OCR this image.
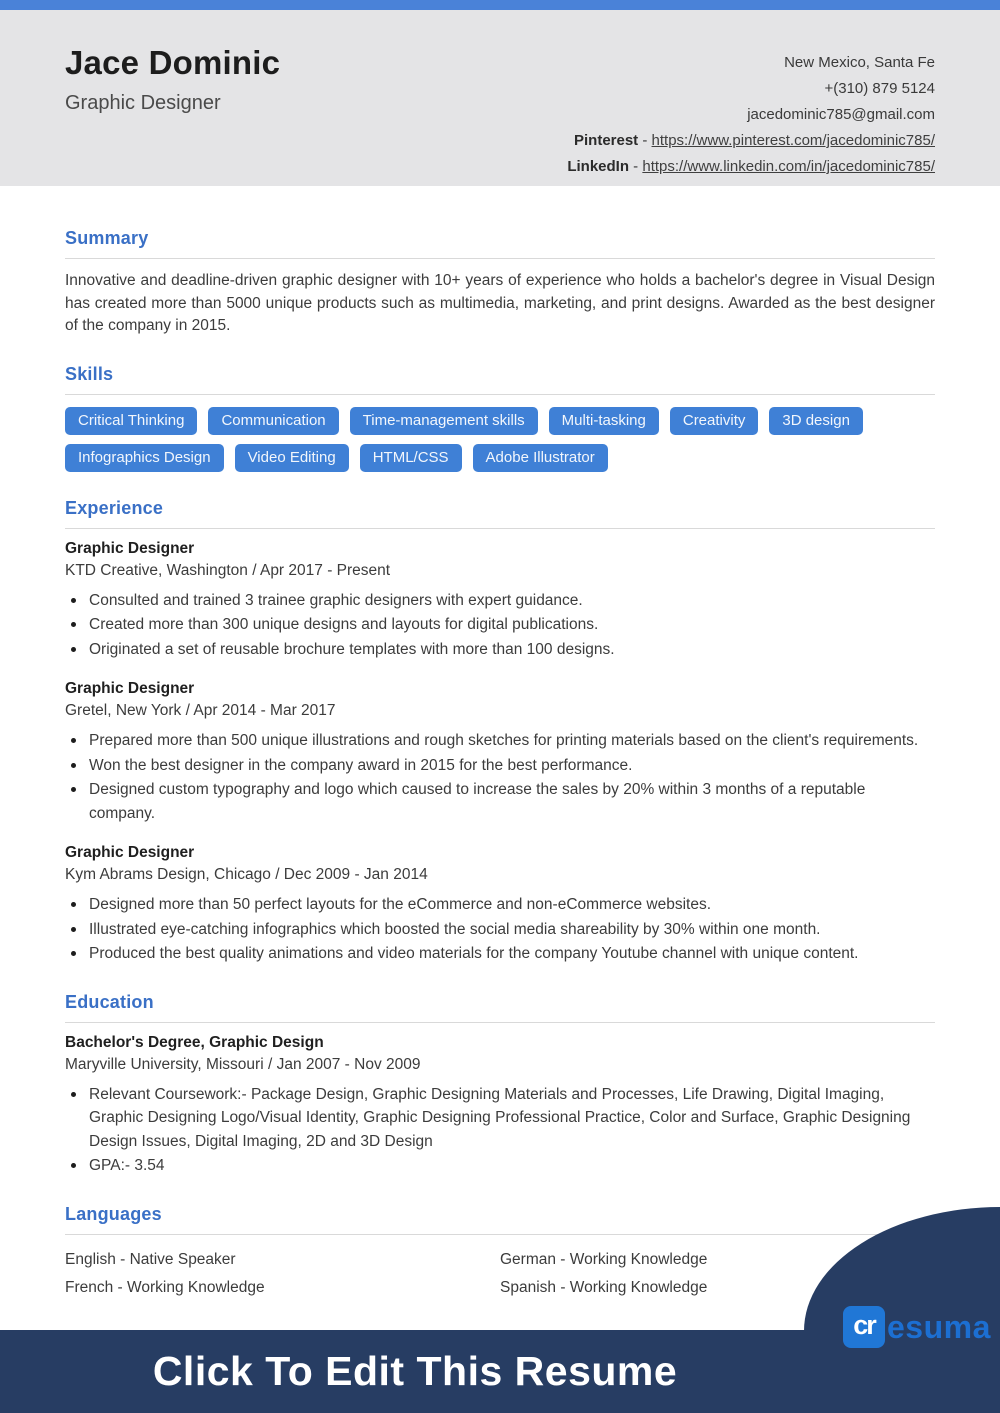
Jace Dominic
Graphic Designer
New Mexico, Santa Fe
+(310) 879 5124
jacedominic785@gmail.com
Pinterest - https://www.pinterest.com/jacedominic785/
LinkedIn - https://www.linkedin.com/in/jacedominic785/
Summary

Innovative and deadline-driven graphic designer with 10+ years of experience who holds a bachelor's degree in Visual Design has created more than 5000 unique products such as multimedia, marketing, and print designs. Awarded as the best designer of the company in 2015.

Skills
Critical Thinking	Communication	Time-management skills	Multi-tasking	Creativity	3D design
Infographics Design	Video Editing	HTML/CSS	Adobe Illustrator
Experience
Graphic Designer
KTD Creative, Washington / Apr 2017 - Present
Consulted and trained 3 trainee graphic designers with expert guidance.
Created more than 300 unique designs and layouts for digital publications.
Originated a set of reusable brochure templates with more than 100 designs.
Graphic Designer
Gretel, New York / Apr 2014 - Mar 2017
Prepared more than 500 unique illustrations and rough sketches for printing materials based on the client's requirements.
Won the best designer in the company award in 2015 for the best performance.
Designed custom typography and logo which caused to increase the sales by 20% within 3 months of a reputable company.
Graphic Designer
Kym Abrams Design, Chicago / Dec 2009 - Jan 2014
Designed more than 50 perfect layouts for the eCommerce and non-eCommerce websites.
Illustrated eye-catching infographics which boosted the social media shareability by 30% within one month.
Produced the best quality animations and video materials for the company Youtube channel with unique content.
Education
Bachelor's Degree, Graphic Design
Maryville University, Missouri / Jan 2007 - Nov 2009
Relevant Coursework:- Package Design, Graphic Designing Materials and Processes, Life Drawing, Digital Imaging, Graphic Designing Logo/Visual Identity, Graphic Designing Professional Practice, Color and Surface, Graphic Designing Design Issues, Digital Imaging, 2D and 3D Design
GPA:- 3.54
Languages
English - Native Speaker	German - Working Knowledge
French - Working Knowledge	Spanish - Working Knowledge
cr esuma
Click To Edit This Resume
